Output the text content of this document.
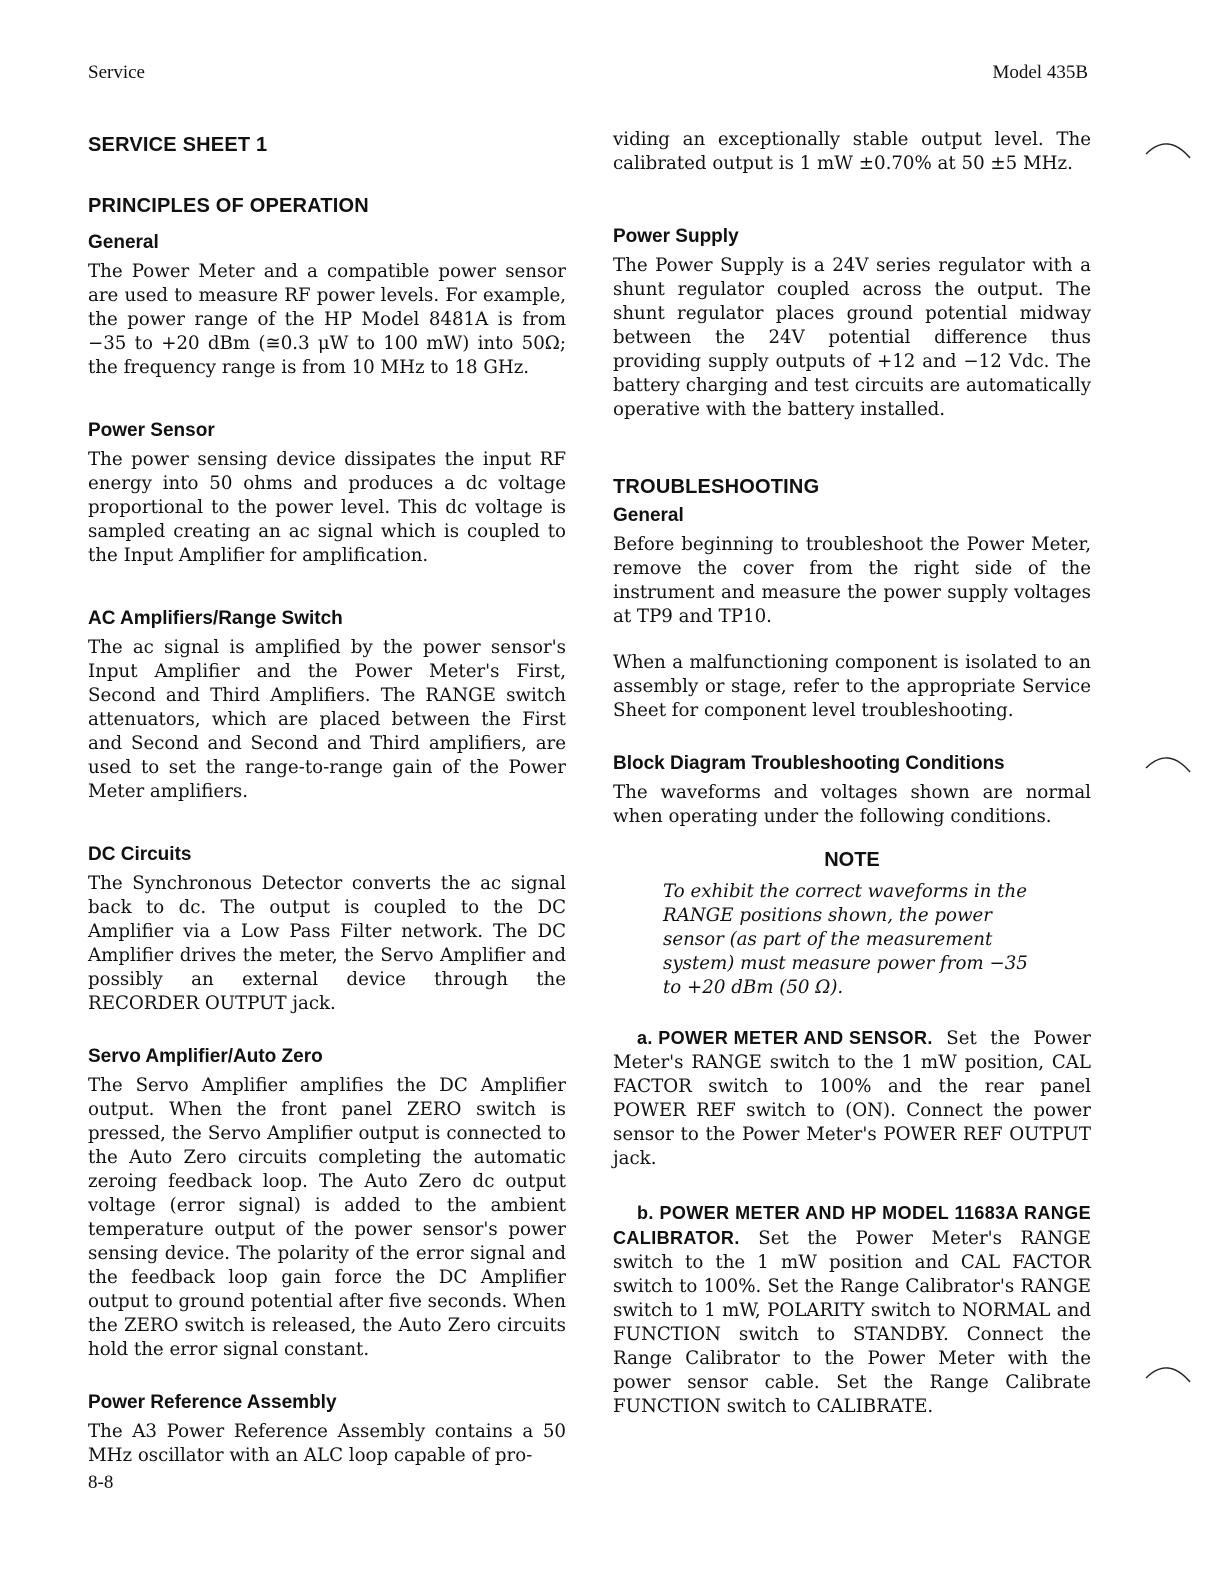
Service	Model 435B
SERVICE SHEET 1
PRINCIPLES OF OPERATION
General

The Power Meter and a compatible power sensor are used to measure RF power levels. For example, the power range of the HP Model 8481A is from −35 to +20 dBm (≅0.3 μW to 100 mW) into 50Ω; the frequency range is from 10 MHz to 18 GHz.

Power Sensor

The power sensing device dissipates the input RF energy into 50 ohms and produces a dc voltage proportional to the power level. This dc voltage is sampled creating an ac signal which is coupled to the Input Amplifier for amplification.

AC Amplifiers/Range Switch

The ac signal is amplified by the power sensor's Input Amplifier and the Power Meter's First, Second and Third Amplifiers. The RANGE switch attenuators, which are placed between the First and Second and Second and Third amplifiers, are used to set the range-to-range gain of the Power Meter amplifiers.

DC Circuits

The Synchronous Detector converts the ac signal back to dc. The output is coupled to the DC Amplifier via a Low Pass Filter network. The DC Amplifier drives the meter, the Servo Amplifier and possibly an external device through the RECORDER OUTPUT jack.

Servo Amplifier/Auto Zero

The Servo Amplifier amplifies the DC Amplifier output. When the front panel ZERO switch is pressed, the Servo Amplifier output is connected to the Auto Zero circuits completing the automatic zeroing feedback loop. The Auto Zero dc output voltage (error signal) is added to the ambient temperature output of the power sensor's power sensing device. The polarity of the error signal and the feedback loop gain force the DC Amplifier output to ground potential after five seconds. When the ZERO switch is released, the Auto Zero circuits hold the error signal constant.

Power Reference Assembly

The A3 Power Reference Assembly contains a 50 MHz oscillator with an ALC loop capable of pro-

viding an exceptionally stable output level. The calibrated output is 1 mW ±0.70% at 50 ±5 MHz.

Power Supply

The Power Supply is a 24V series regulator with a shunt regulator coupled across the output. The shunt regulator places ground potential midway between the 24V potential difference thus providing supply outputs of +12 and −12 Vdc. The battery charging and test circuits are automatically operative with the battery installed.

TROUBLESHOOTING
General

Before beginning to troubleshoot the Power Meter, remove the cover from the right side of the instrument and measure the power supply voltages at TP9 and TP10.

When a malfunctioning component is isolated to an assembly or stage, refer to the appropriate Service Sheet for component level troubleshooting.

Block Diagram Troubleshooting Conditions

The waveforms and voltages shown are normal when operating under the following conditions.

NOTE

To exhibit the correct waveforms in the RANGE positions shown, the power sensor (as part of the measurement system) must measure power from −35 to +20 dBm (50 Ω).

a. POWER METER AND SENSOR. Set the Power Meter's RANGE switch to the 1 mW position, CAL FACTOR switch to 100% and the rear panel POWER REF switch to (ON). Connect the power sensor to the Power Meter's POWER REF OUTPUT jack.

b. POWER METER AND HP MODEL 11683A RANGE CALIBRATOR. Set the Power Meter's RANGE switch to the 1 mW position and CAL FACTOR switch to 100%. Set the Range Calibrator's RANGE switch to 1 mW, POLARITY switch to NORMAL and FUNCTION switch to STANDBY. Connect the Range Calibrator to the Power Meter with the power sensor cable. Set the Range Calibrate FUNCTION switch to CALIBRATE.

8-8
